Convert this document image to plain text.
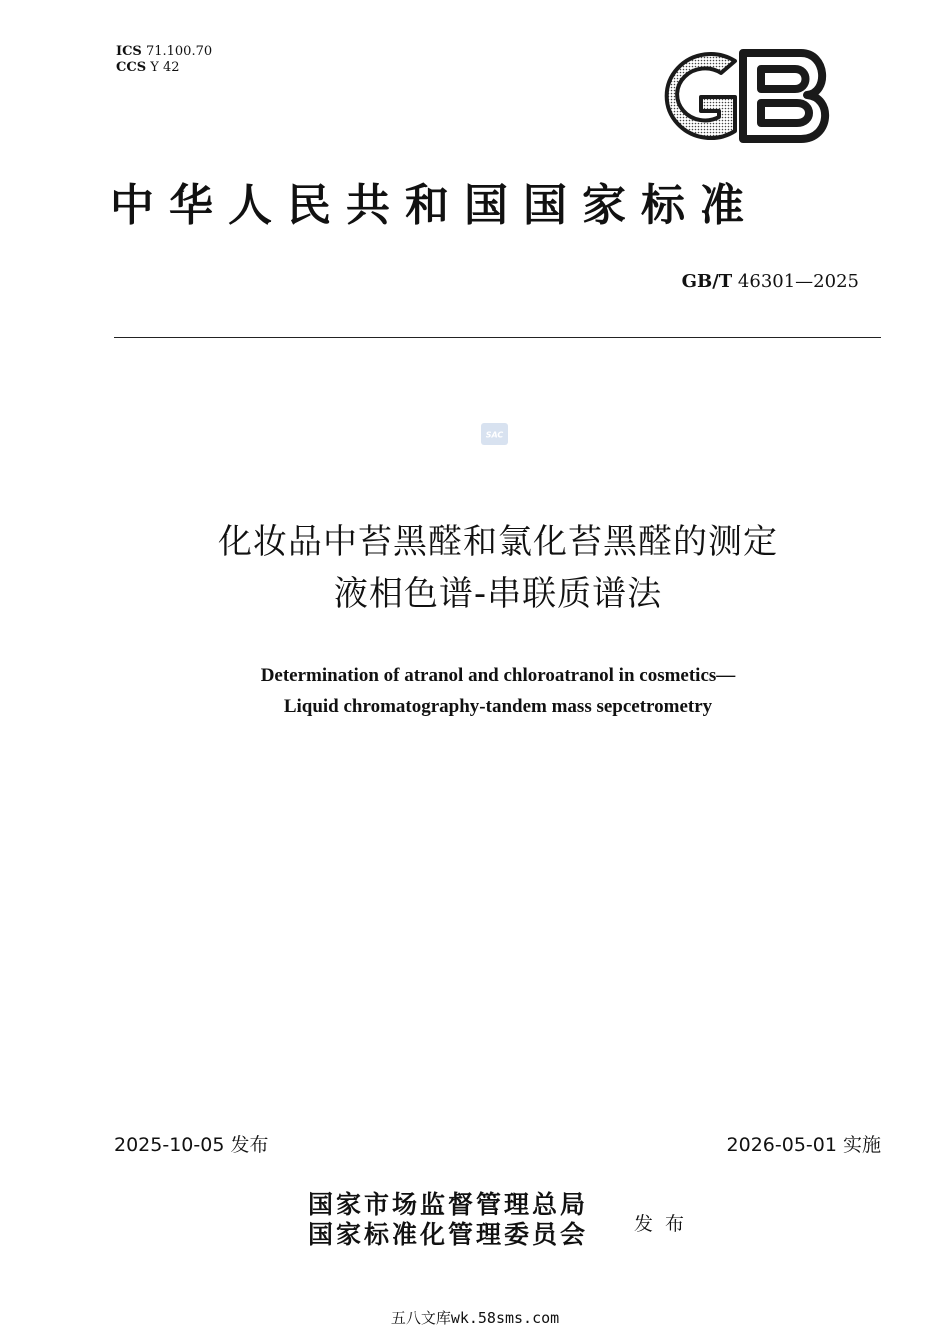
ICS 71.100.70
CCS Y 42
中华人民共和国国家标准
GB/T 46301—2025
SAC
化妆品中苔黑醛和氯化苔黑醛的测定
液相色谱-串联质谱法
Determination of atranol and chloroatranol in cosmetics—
Liquid chromatography-tandem mass sepcetrometry
2025-10-05 发布	2026-05-01 实施
国家市场监督管理总局
国家标准化管理委员会 发布
五八文库wk.58sms.com
